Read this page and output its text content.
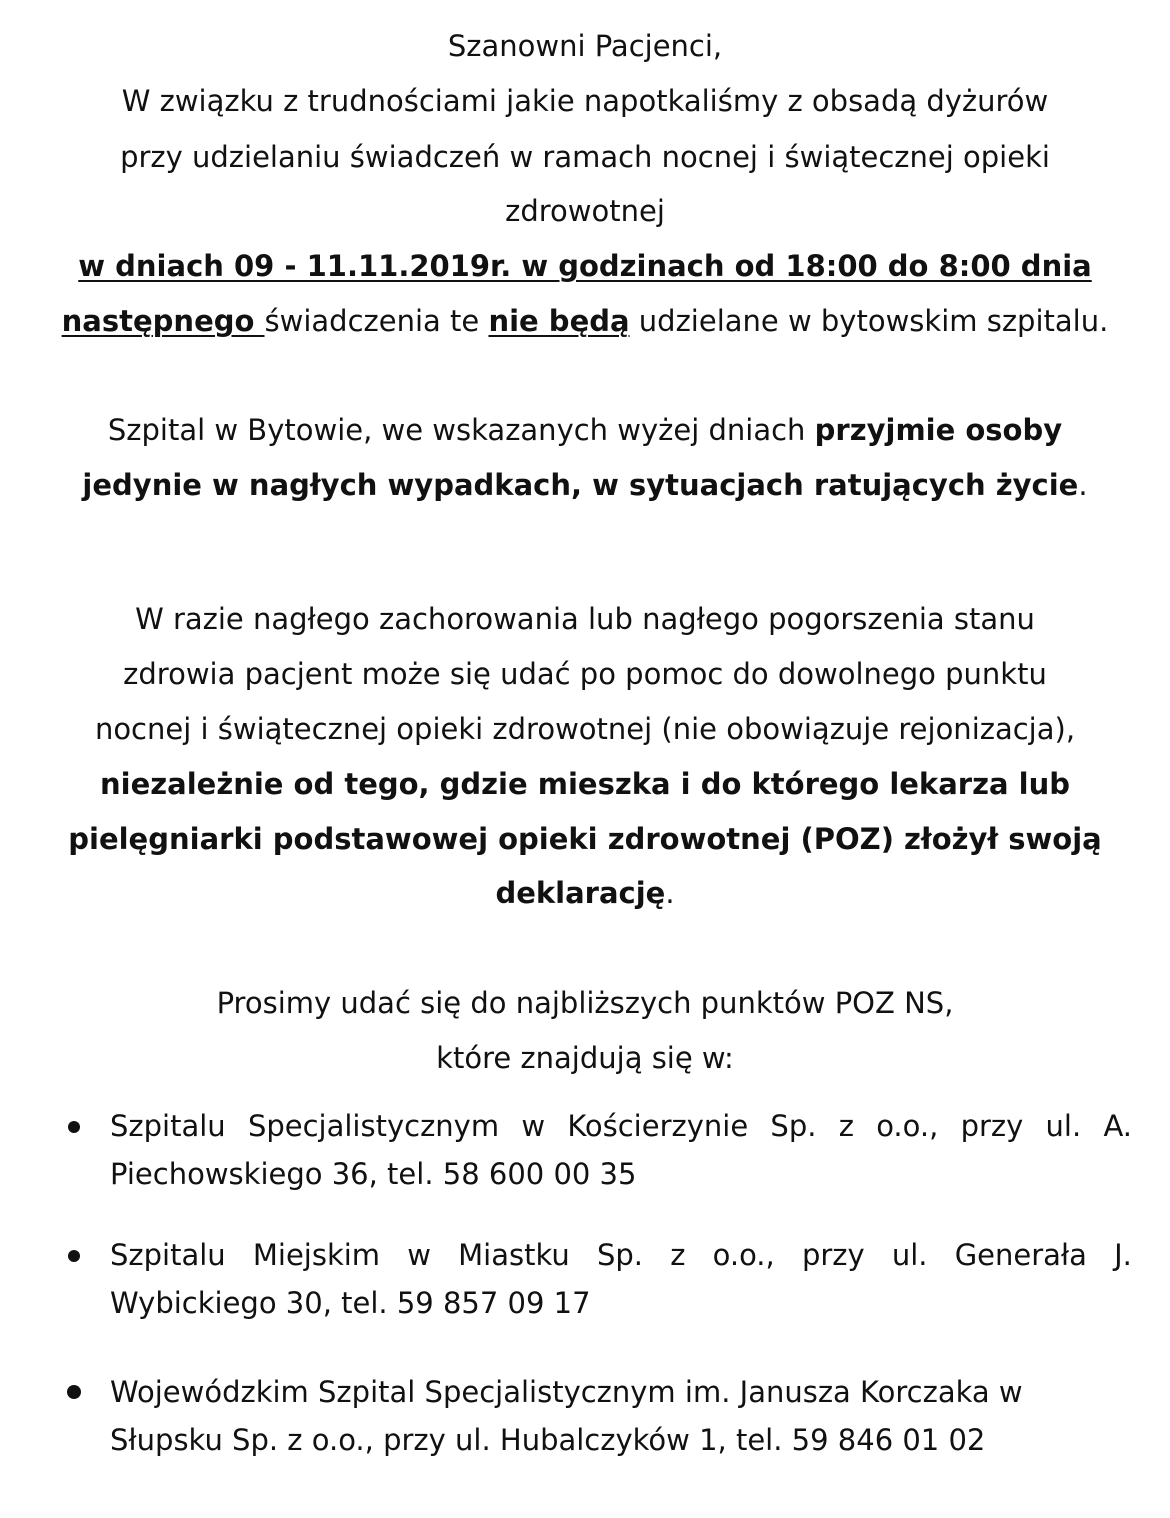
Szanowni Pacjenci,
W związku z trudnościami jakie napotkaliśmy z obsadą dyżurów
przy udzielaniu świadczeń w ramach nocnej i świątecznej opieki
zdrowotnej
w dniach 09 - 11.11.2019r. w godzinach od 18:00 do 8:00 dnia
następnego świadczenia te nie będą udzielane w bytowskim szpitalu.
Szpital w Bytowie, we wskazanych wyżej dniach przyjmie osoby
jedynie w nagłych wypadkach, w sytuacjach ratujących życie.
W razie nagłego zachorowania lub nagłego pogorszenia stanu
zdrowia pacjent może się udać po pomoc do dowolnego punktu
nocnej i świątecznej opieki zdrowotnej (nie obowiązuje rejonizacja),
niezależnie od tego, gdzie mieszka i do którego lekarza lub
pielęgniarki podstawowej opieki zdrowotnej (POZ) złożył swoją
deklarację.
Prosimy udać się do najbliższych punktów POZ NS,
które znajdują się w:
Szpitalu Specjalistycznym w Kościerzynie Sp. z o.o., przy ul. A.
Piechowskiego 36, tel. 58 600 00 35
Szpitalu Miejskim w Miastku Sp. z o.o., przy ul. Generała J.
Wybickiego 30, tel. 59 857 09 17
Wojewódzkim Szpital Specjalistycznym im. Janusza Korczaka w
Słupsku Sp. z o.o., przy ul. Hubalczyków 1, tel. 59 846 01 02
